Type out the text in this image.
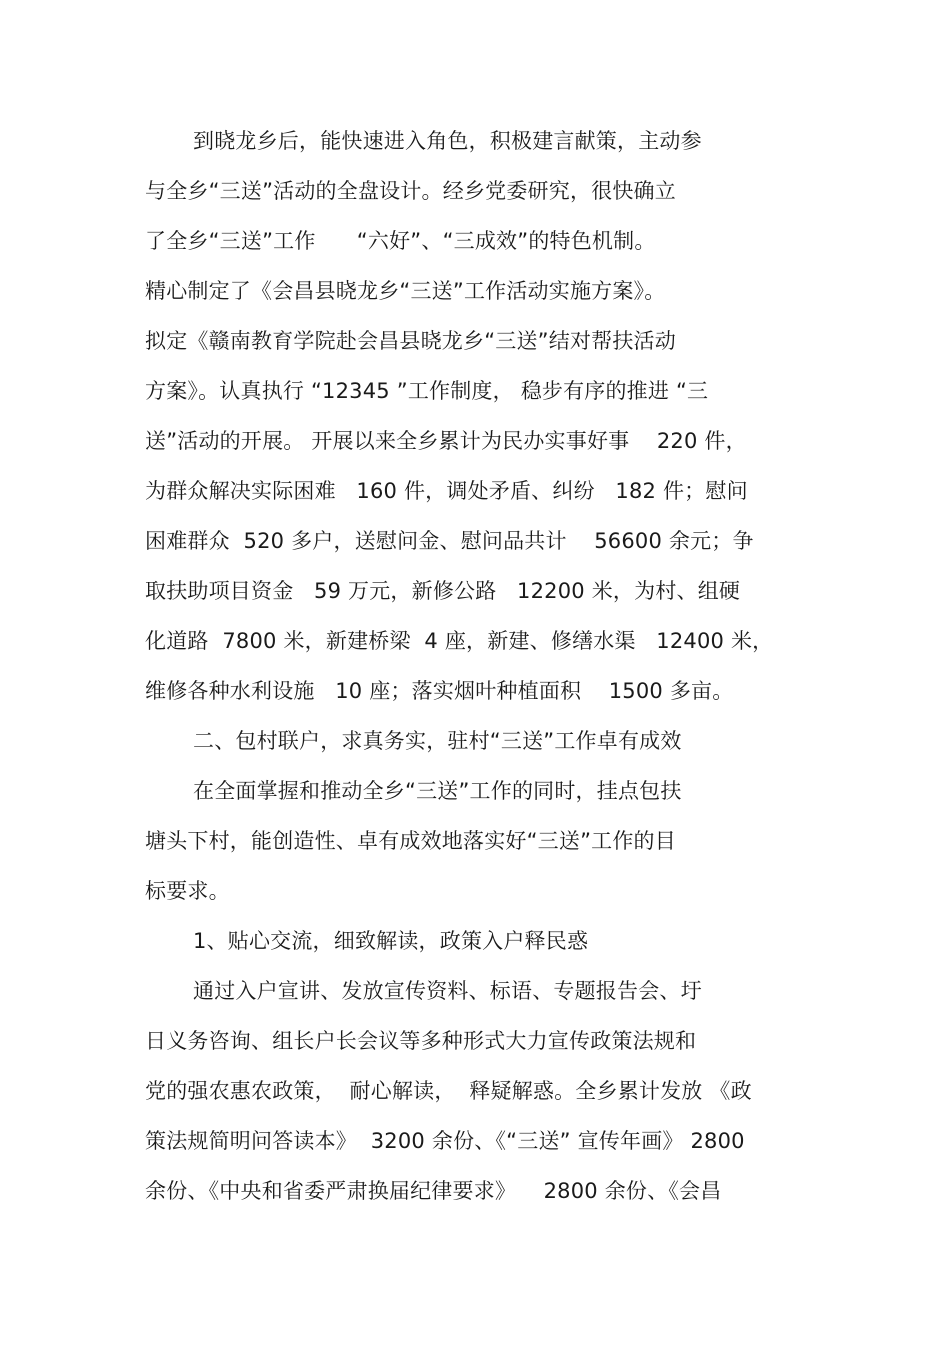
到晓龙乡后，能快速进入角色，积极建言献策，主动参
与全乡“三送”活动的全盘设计。经乡党委研究，很快确立
了全乡“三送”工作      “六好”、“三成效”的特色机制。
精心制定了《会昌县晓龙乡“三送”工作活动实施方案》。
拟定《赣南教育学院赴会昌县晓龙乡“三送”结对帮扶活动
方案》。认真执行 “12345 ”工作制度， 稳步有序的推进 “三
送”活动的开展。 开展以来全乡累计为民办实事好事    220 件，
为群众解决实际困难   160 件，调处矛盾、纠纷   182 件；慰问
困难群众  520 多户，送慰问金、慰问品共计    56600 余元；争
取扶助项目资金   59 万元，新修公路   12200 米，为村、组硬
化道路  7800 米，新建桥梁  4 座，新建、修缮水渠   12400 米，
维修各种水利设施   10 座；落实烟叶种植面积    1500 多亩。
二、包村联户，求真务实，驻村“三送”工作卓有成效
在全面掌握和推动全乡“三送”工作的同时，挂点包扶
塘头下村，能创造性、卓有成效地落实好“三送”工作的目
标要求。
1、贴心交流，细致解读，政策入户释民惑
通过入户宣讲、发放宣传资料、标语、专题报告会、圩
日义务咨询、组长户长会议等多种形式大力宣传政策法规和
党的强农惠农政策，  耐心解读，  释疑解惑。全乡累计发放 《政
策法规简明问答读本》  3200 余份、《“三送” 宣传年画》 2800
余份、《中央和省委严肃换届纪律要求》    2800 余份、《会昌
